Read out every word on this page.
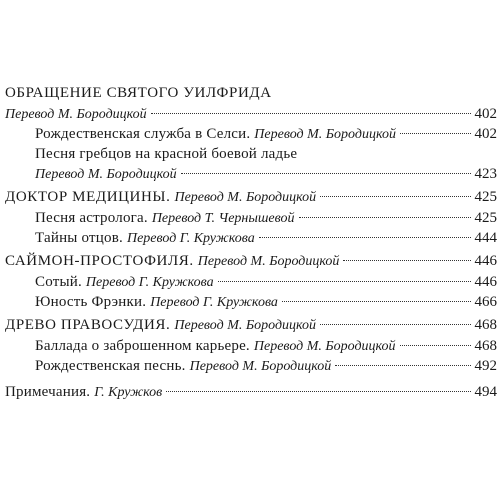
ОБРАЩЕНИЕ СВЯТОГО УИЛФРИДА
Перевод М. Бородицкой	402
Рождественская служба в Селси. Перевод М. Бородицкой	402
Песня гребцов на красной боевой ладье
Перевод М. Бородицкой	423
ДОКТОР МЕДИЦИНЫ. Перевод М. Бородицкой	425
Песня астролога. Перевод Т. Чернышевой	425
Тайны отцов. Перевод Г. Кружкова	444
САЙМОН-ПРОСТОФИЛЯ. Перевод М. Бородицкой	446
Сотый. Перевод Г. Кружкова	446
Юность Фрэнки. Перевод Г. Кружкова	466
ДРЕВО ПРАВОСУДИЯ. Перевод М. Бородицкой	468
Баллада о заброшенном карьере. Перевод М. Бородицкой	468
Рождественская песнь. Перевод М. Бородицкой	492
Примечания. Г. Кружков	494
